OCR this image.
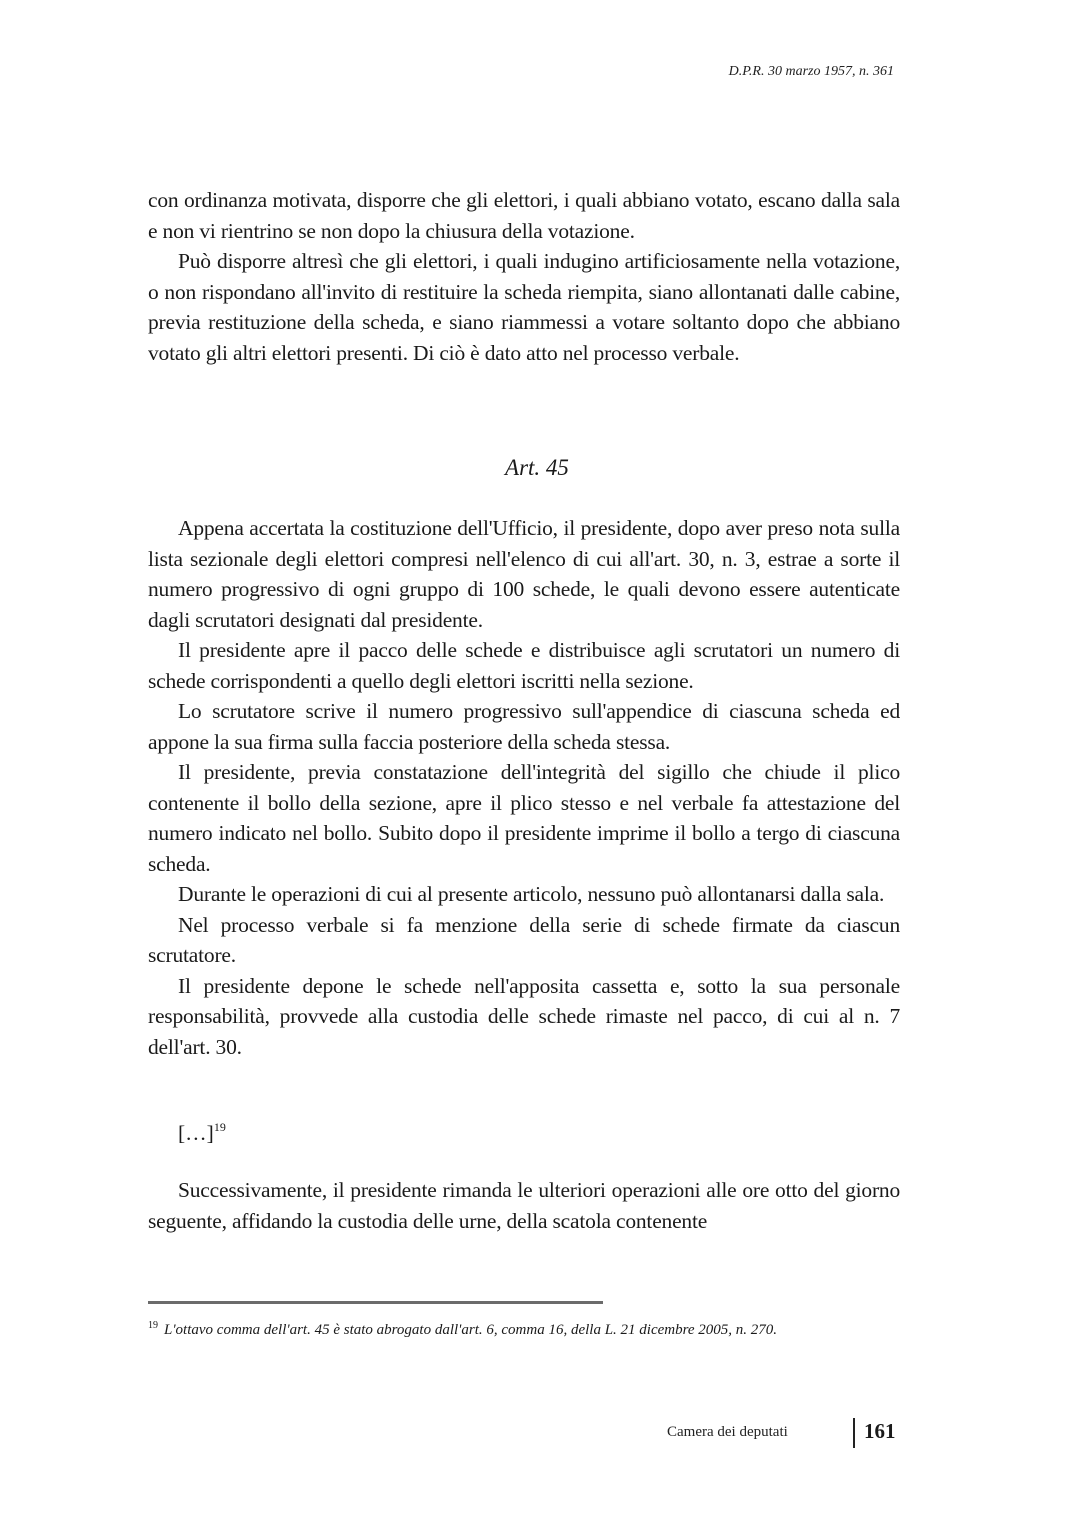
D.P.R. 30 marzo 1957, n. 361

con ordinanza motivata, disporre che gli elettori, i quali abbiano votato, escano dalla sala e non vi rientrino se non dopo la chiusura della votazione.

Può disporre altresì che gli elettori, i quali indugino artificiosamente nella votazione, o non rispondano all'invito di restituire la scheda riempita, siano allontanati dalle cabine, previa restituzione della scheda, e siano riammessi a votare soltanto dopo che abbiano votato gli altri elettori presenti. Di ciò è dato atto nel processo verbale.

Art. 45

Appena accertata la costituzione dell'Ufficio, il presidente, dopo aver preso nota sulla lista sezionale degli elettori compresi nell'elenco di cui all'art. 30, n. 3, estrae a sorte il numero progressivo di ogni gruppo di 100 schede, le quali devono essere autenticate dagli scrutatori designati dal presidente.

Il presidente apre il pacco delle schede e distribuisce agli scrutatori un numero di schede corrispondenti a quello degli elettori iscritti nella sezione.

Lo scrutatore scrive il numero progressivo sull'appendice di ciascuna scheda ed appone la sua firma sulla faccia posteriore della scheda stessa.

Il presidente, previa constatazione dell'integrità del sigillo che chiude il plico contenente il bollo della sezione, apre il plico stesso e nel verbale fa attestazione del numero indicato nel bollo. Subito dopo il presidente imprime il bollo a tergo di ciascuna scheda.

Durante le operazioni di cui al presente articolo, nessuno può allontanarsi dalla sala.

Nel processo verbale si fa menzione della serie di schede firmate da ciascun scrutatore.

Il presidente depone le schede nell'apposita cassetta e, sotto la sua personale responsabilità, provvede alla custodia delle schede rimaste nel pacco, di cui al n. 7 dell'art. 30.

[…]$^{19}$

Successivamente, il presidente rimanda le ulteriori operazioni alle ore otto del giorno seguente, affidando la custodia delle urne, della scatola contenente

$^{19}$ L'ottavo comma dell'art. 45 è stato abrogato dall'art. 6, comma 16, della L. 21 dicembre 2005, n. 270.
Camera dei deputati	161
